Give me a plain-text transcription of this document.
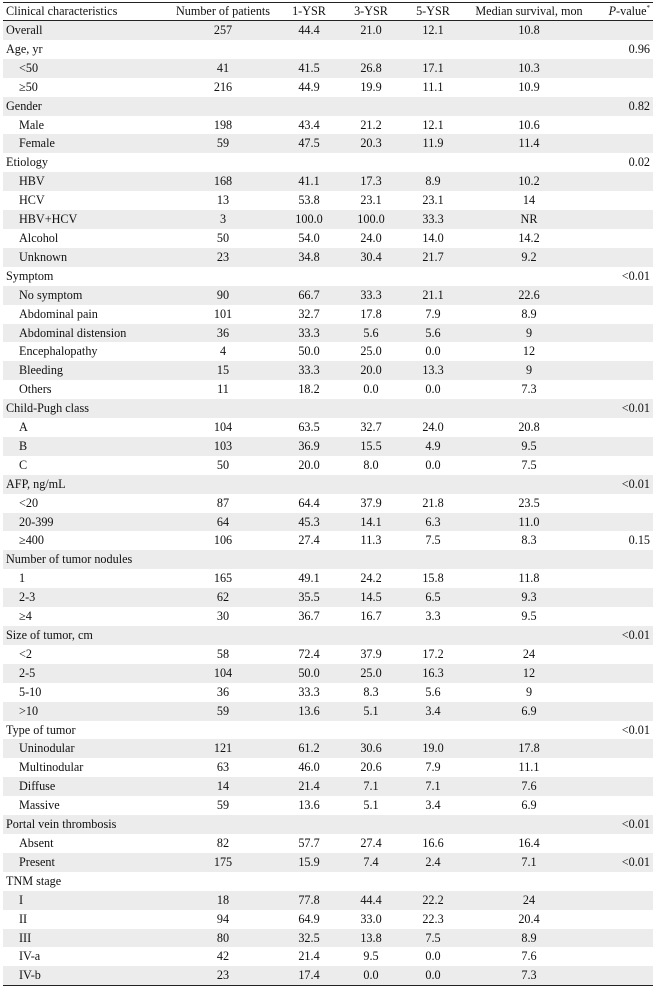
Clinical characteristics	Number of patients	1-YSR	3-YSR	5-YSR	Median survival, mon	P-value*
Overall	257	44.4	21.0	12.1	10.8	
Age, yr						0.96
<50	41	41.5	26.8	17.1	10.3	
≥50	216	44.9	19.9	11.1	10.9	
Gender						0.82
Male	198	43.4	21.2	12.1	10.6	
Female	59	47.5	20.3	11.9	11.4	
Etiology						0.02
HBV	168	41.1	17.3	8.9	10.2	
HCV	13	53.8	23.1	23.1	14	
HBV+HCV	3	100.0	100.0	33.3	NR	
Alcohol	50	54.0	24.0	14.0	14.2	
Unknown	23	34.8	30.4	21.7	9.2	
Symptom						<0.01
No symptom	90	66.7	33.3	21.1	22.6	
Abdominal pain	101	32.7	17.8	7.9	8.9	
Abdominal distension	36	33.3	5.6	5.6	9	
Encephalopathy	4	50.0	25.0	0.0	12	
Bleeding	15	33.3	20.0	13.3	9	
Others	11	18.2	0.0	0.0	7.3	
Child-Pugh class						<0.01
A	104	63.5	32.7	24.0	20.8	
B	103	36.9	15.5	4.9	9.5	
C	50	20.0	8.0	0.0	7.5	
AFP, ng/mL						<0.01
<20	87	64.4	37.9	21.8	23.5	
20-399	64	45.3	14.1	6.3	11.0	
≥400	106	27.4	11.3	7.5	8.3	0.15
Number of tumor nodules						
1	165	49.1	24.2	15.8	11.8	
2-3	62	35.5	14.5	6.5	9.3	
≥4	30	36.7	16.7	3.3	9.5	
Size of tumor, cm						<0.01
<2	58	72.4	37.9	17.2	24	
2-5	104	50.0	25.0	16.3	12	
5-10	36	33.3	8.3	5.6	9	
>10	59	13.6	5.1	3.4	6.9	
Type of tumor						<0.01
Uninodular	121	61.2	30.6	19.0	17.8	
Multinodular	63	46.0	20.6	7.9	11.1	
Diffuse	14	21.4	7.1	7.1	7.6	
Massive	59	13.6	5.1	3.4	6.9	
Portal vein thrombosis						<0.01
Absent	82	57.7	27.4	16.6	16.4	
Present	175	15.9	7.4	2.4	7.1	<0.01
TNM stage						
I	18	77.8	44.4	22.2	24	
II	94	64.9	33.0	22.3	20.4	
III	80	32.5	13.8	7.5	8.9	
IV-a	42	21.4	9.5	0.0	7.6	
IV-b	23	17.4	0.0	0.0	7.3	
